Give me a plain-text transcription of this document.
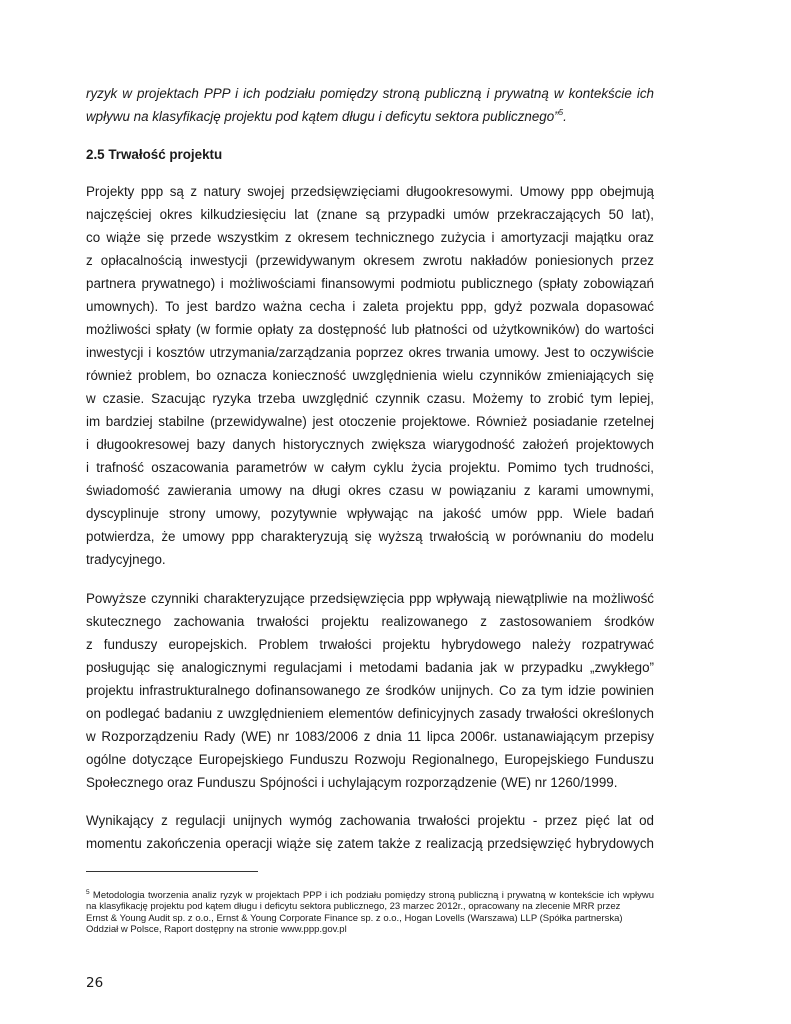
ryzyk w projektach PPP i ich podziału pomiędzy stroną publiczną i prywatną w kontekście ich
wpływu na klasyfikację projektu pod kątem długu i deficytu sektora publicznego”$^5$.
2.5 Trwałość projektu
Projekty ppp są z natury swojej przedsięwzięciami długookresowymi. Umowy ppp obejmują
najczęściej okres kilkudziesięciu lat (znane są przypadki umów przekraczających 50 lat),
co wiąże się przede wszystkim z okresem technicznego zużycia i amortyzacji majątku oraz
z opłacalnością inwestycji (przewidywanym okresem zwrotu nakładów poniesionych przez
partnera prywatnego) i możliwościami finansowymi podmiotu publicznego (spłaty zobowiązań
umownych). To jest bardzo ważna cecha i zaleta projektu ppp, gdyż pozwala dopasować
możliwości spłaty (w formie opłaty za dostępność lub płatności od użytkowników) do wartości
inwestycji i kosztów utrzymania/zarządzania poprzez okres trwania umowy. Jest to oczywiście
również problem, bo oznacza konieczność uwzględnienia wielu czynników zmieniających się
w czasie. Szacując ryzyka trzeba uwzględnić czynnik czasu. Możemy to zrobić tym lepiej,
im bardziej stabilne (przewidywalne) jest otoczenie projektowe. Również posiadanie rzetelnej
i długookresowej bazy danych historycznych zwiększa wiarygodność założeń projektowych
i trafność oszacowania parametrów w całym cyklu życia projektu. Pomimo tych trudności,
świadomość zawierania umowy na długi okres czasu w powiązaniu z karami umownymi,
dyscyplinuje strony umowy, pozytywnie wpływając na jakość umów ppp. Wiele badań
potwierdza, że umowy ppp charakteryzują się wyższą trwałością w porównaniu do modelu
tradycyjnego.
Powyższe czynniki charakteryzujące przedsięwzięcia ppp wpływają niewątpliwie na możliwość
skutecznego zachowania trwałości projektu realizowanego z zastosowaniem środków
z funduszy europejskich. Problem trwałości projektu hybrydowego należy rozpatrywać
posługując się analogicznymi regulacjami i metodami badania jak w przypadku „zwykłego”
projektu infrastrukturalnego dofinansowanego ze środków unijnych. Co za tym idzie powinien
on podlegać badaniu z uwzględnieniem elementów definicyjnych zasady trwałości określonych
w Rozporządzeniu Rady (WE) nr 1083/2006 z dnia 11 lipca 2006r. ustanawiającym przepisy
ogólne dotyczące Europejskiego Funduszu Rozwoju Regionalnego, Europejskiego Funduszu
Społecznego oraz Funduszu Spójności i uchylającym rozporządzenie (WE) nr 1260/1999.
Wynikający z regulacji unijnych wymóg zachowania trwałości projektu - przez pięć lat od
momentu zakończenia operacji wiąże się zatem także z realizacją przedsięwzięć hybrydowych
$^5$ Metodologia tworzenia analiz ryzyk w projektach PPP i ich podziału pomiędzy stroną publiczną i prywatną w kontekście ich wpływu
na klasyfikację projektu pod kątem długu i deficytu sektora publicznego, 23 marzec 2012r., opracowany na zlecenie MRR przez
Ernst & Young Audit sp. z o.o., Ernst & Young Corporate Finance sp. z o.o., Hogan Lovells (Warszawa) LLP (Spółka partnerska)
Oddział w Polsce, Raport dostępny na stronie www.ppp.gov.pl
26
